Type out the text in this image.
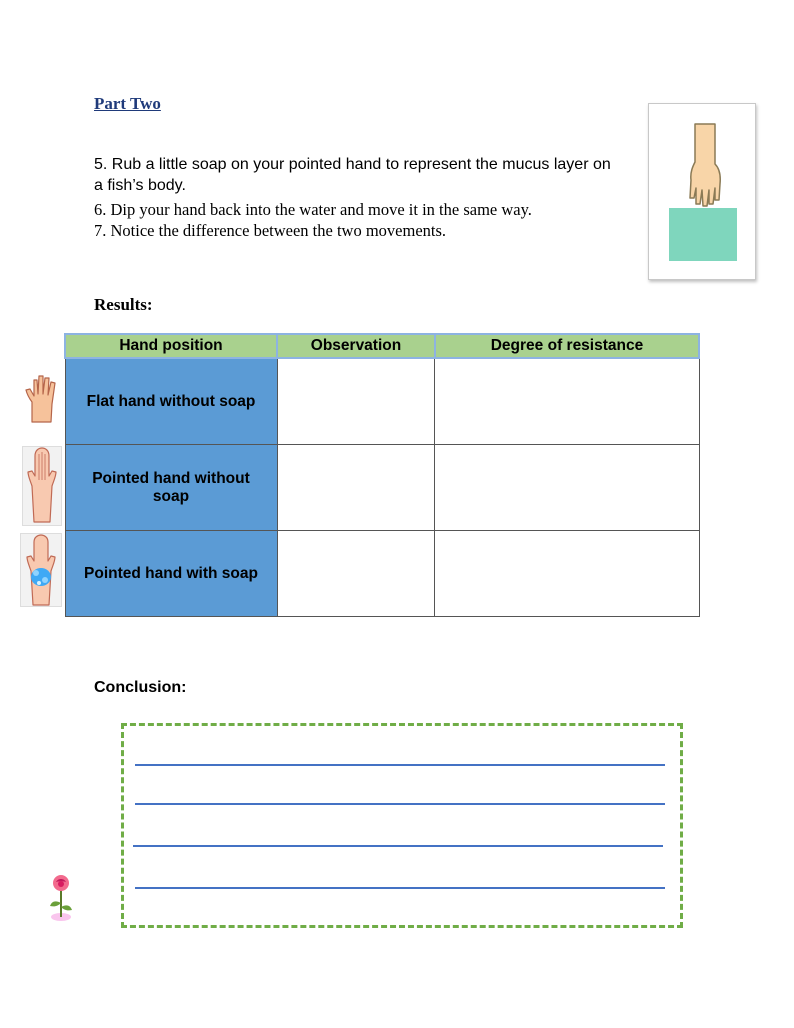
Part Two
5. Rub a little soap on your pointed hand to represent the mucus layer on a fish’s body.
6. Dip your hand back into the water and move it in the same way.
7. Notice the difference between the two movements.
Results:
Hand position	Observation	Degree of resistance
Flat hand without soap		
Pointed hand without soap		
Pointed hand with soap		
Conclusion:
